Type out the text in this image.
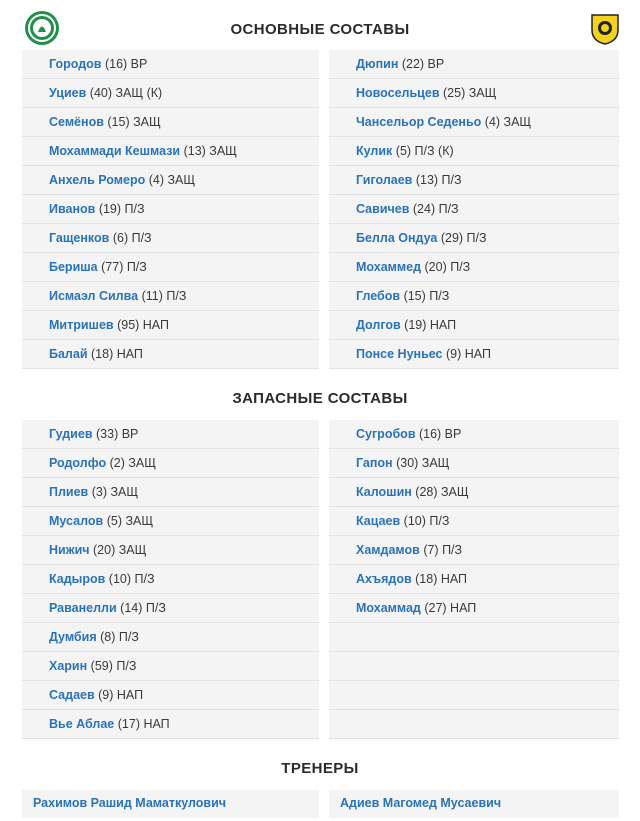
ОСНОВНЫЕ СОСТАВЫ
ЗАПАСНЫЕ СОСТАВЫ
ТРЕНЕРЫ
Городов (16) ВР
Уциев (40) ЗАЩ (К)
Семёнов (15) ЗАЩ
Мохаммади Кешмази (13) ЗАЩ
Анхель Ромеро (4) ЗАЩ
Иванов (19) П/З
Гащенков (6) П/З
Бериша (77) П/З
Исмаэл Силва (11) П/З
Митришев (95) НАП
Балай (18) НАП
Дюпин (22) ВР
Новосельцев (25) ЗАЩ
Чансельор Седеньо (4) ЗАЩ
Кулик (5) П/З (К)
Гиголаев (13) П/З
Савичев (24) П/З
Белла Ондуа (29) П/З
Мохаммед (20) П/З
Глебов (15) П/З
Долгов (19) НАП
Понсе Нуньес (9) НАП
Гудиев (33) ВР
Родолфо (2) ЗАЩ
Плиев (3) ЗАЩ
Мусалов (5) ЗАЩ
Нижич (20) ЗАЩ
Кадыров (10) П/З
Раванелли (14) П/З
Думбия (8) П/З
Харин (59) П/З
Садаев (9) НАП
Вье Аблае (17) НАП
Сугробов (16) ВР
Гапон (30) ЗАЩ
Калошин (28) ЗАЩ
Кацаев (10) П/З
Хамдамов (7) П/З
Ахъядов (18) НАП
Мохаммад (27) НАП
Рахимов Рашид Маматкулович	Адиев Магомед Мусаевич
